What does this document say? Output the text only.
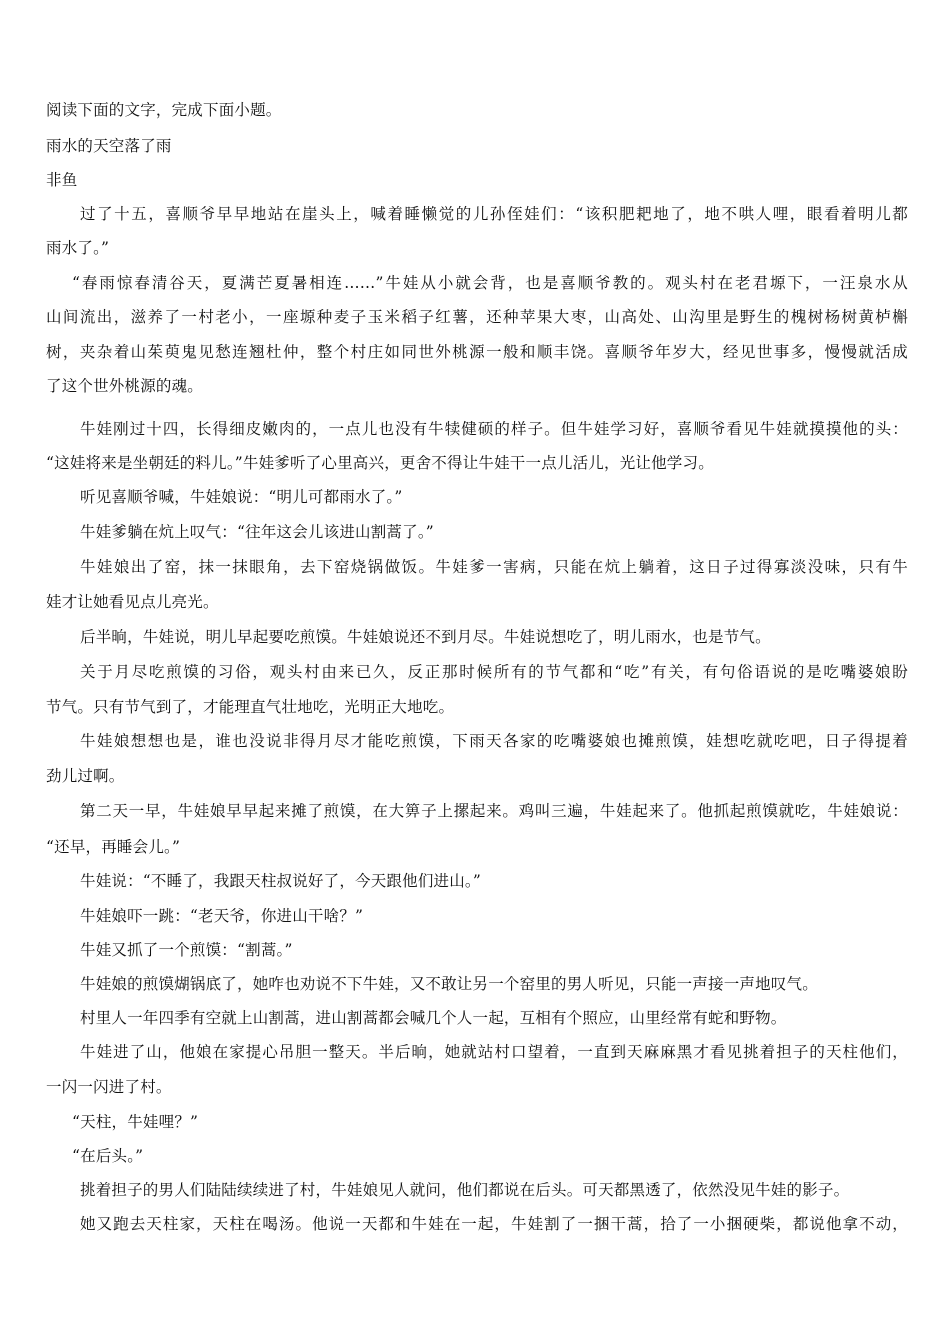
阅读下面的文字，完成下面小题。
雨水的天空落了雨
非鱼
过了十五，喜顺爷早早地站在崖头上，喊着睡懒觉的儿孙侄娃们：“该积肥耙地了，地不哄人哩，眼看着明儿都
雨水了。”
“春雨惊春清谷天，夏满芒夏暑相连……”牛娃从小就会背，也是喜顺爷教的。观头村在老君塬下，一汪泉水从
山间流出，滋养了一村老小，一座塬种麦子玉米稻子红薯，还种苹果大枣，山高处、山沟里是野生的槐树杨树黄栌槲
树，夹杂着山茱萸鬼见愁连翘杜仲，整个村庄如同世外桃源一般和顺丰饶。喜顺爷年岁大，经见世事多，慢慢就活成
了这个世外桃源的魂。
牛娃刚过十四，长得细皮嫩肉的，一点儿也没有牛犊健硕的样子。但牛娃学习好，喜顺爷看见牛娃就摸摸他的头：
“这娃将来是坐朝廷的料儿。”牛娃爹听了心里高兴，更舍不得让牛娃干一点儿活儿，光让他学习。
听见喜顺爷喊，牛娃娘说：“明儿可都雨水了。”
牛娃爹躺在炕上叹气：“往年这会儿该进山割蒿了。”
牛娃娘出了窑，抹一抹眼角，去下窑烧锅做饭。牛娃爹一害病，只能在炕上躺着，这日子过得寡淡没味，只有牛
娃才让她看见点儿亮光。
后半晌，牛娃说，明儿早起要吃煎馍。牛娃娘说还不到月尽。牛娃说想吃了，明儿雨水，也是节气。
关于月尽吃煎馍的习俗，观头村由来已久，反正那时候所有的节气都和“吃”有关，有句俗语说的是吃嘴婆娘盼
节气。只有节气到了，才能理直气壮地吃，光明正大地吃。
牛娃娘想想也是，谁也没说非得月尽才能吃煎馍，下雨天各家的吃嘴婆娘也摊煎馍，娃想吃就吃吧，日子得提着
劲儿过啊。
第二天一早，牛娃娘早早起来摊了煎馍，在大箅子上摞起来。鸡叫三遍，牛娃起来了。他抓起煎馍就吃，牛娃娘说：
“还早，再睡会儿。”
牛娃说：“不睡了，我跟天柱叔说好了，今天跟他们进山。”
牛娃娘吓一跳：“老天爷，你进山干啥？”
牛娃又抓了一个煎馍：“割蒿。”
牛娃娘的煎馍煳锅底了，她咋也劝说不下牛娃，又不敢让另一个窑里的男人听见，只能一声接一声地叹气。
村里人一年四季有空就上山割蒿，进山割蒿都会喊几个人一起，互相有个照应，山里经常有蛇和野物。
牛娃进了山，他娘在家提心吊胆一整天。半后晌，她就站村口望着，一直到天麻麻黑才看见挑着担子的天柱他们，
一闪一闪进了村。
“天柱，牛娃哩？”
“在后头。”
挑着担子的男人们陆陆续续进了村，牛娃娘见人就问，他们都说在后头。可天都黑透了，依然没见牛娃的影子。
她又跑去天柱家，天柱在喝汤。他说一天都和牛娃在一起，牛娃割了一捆干蒿，拾了一小捆硬柴，都说他拿不动，
